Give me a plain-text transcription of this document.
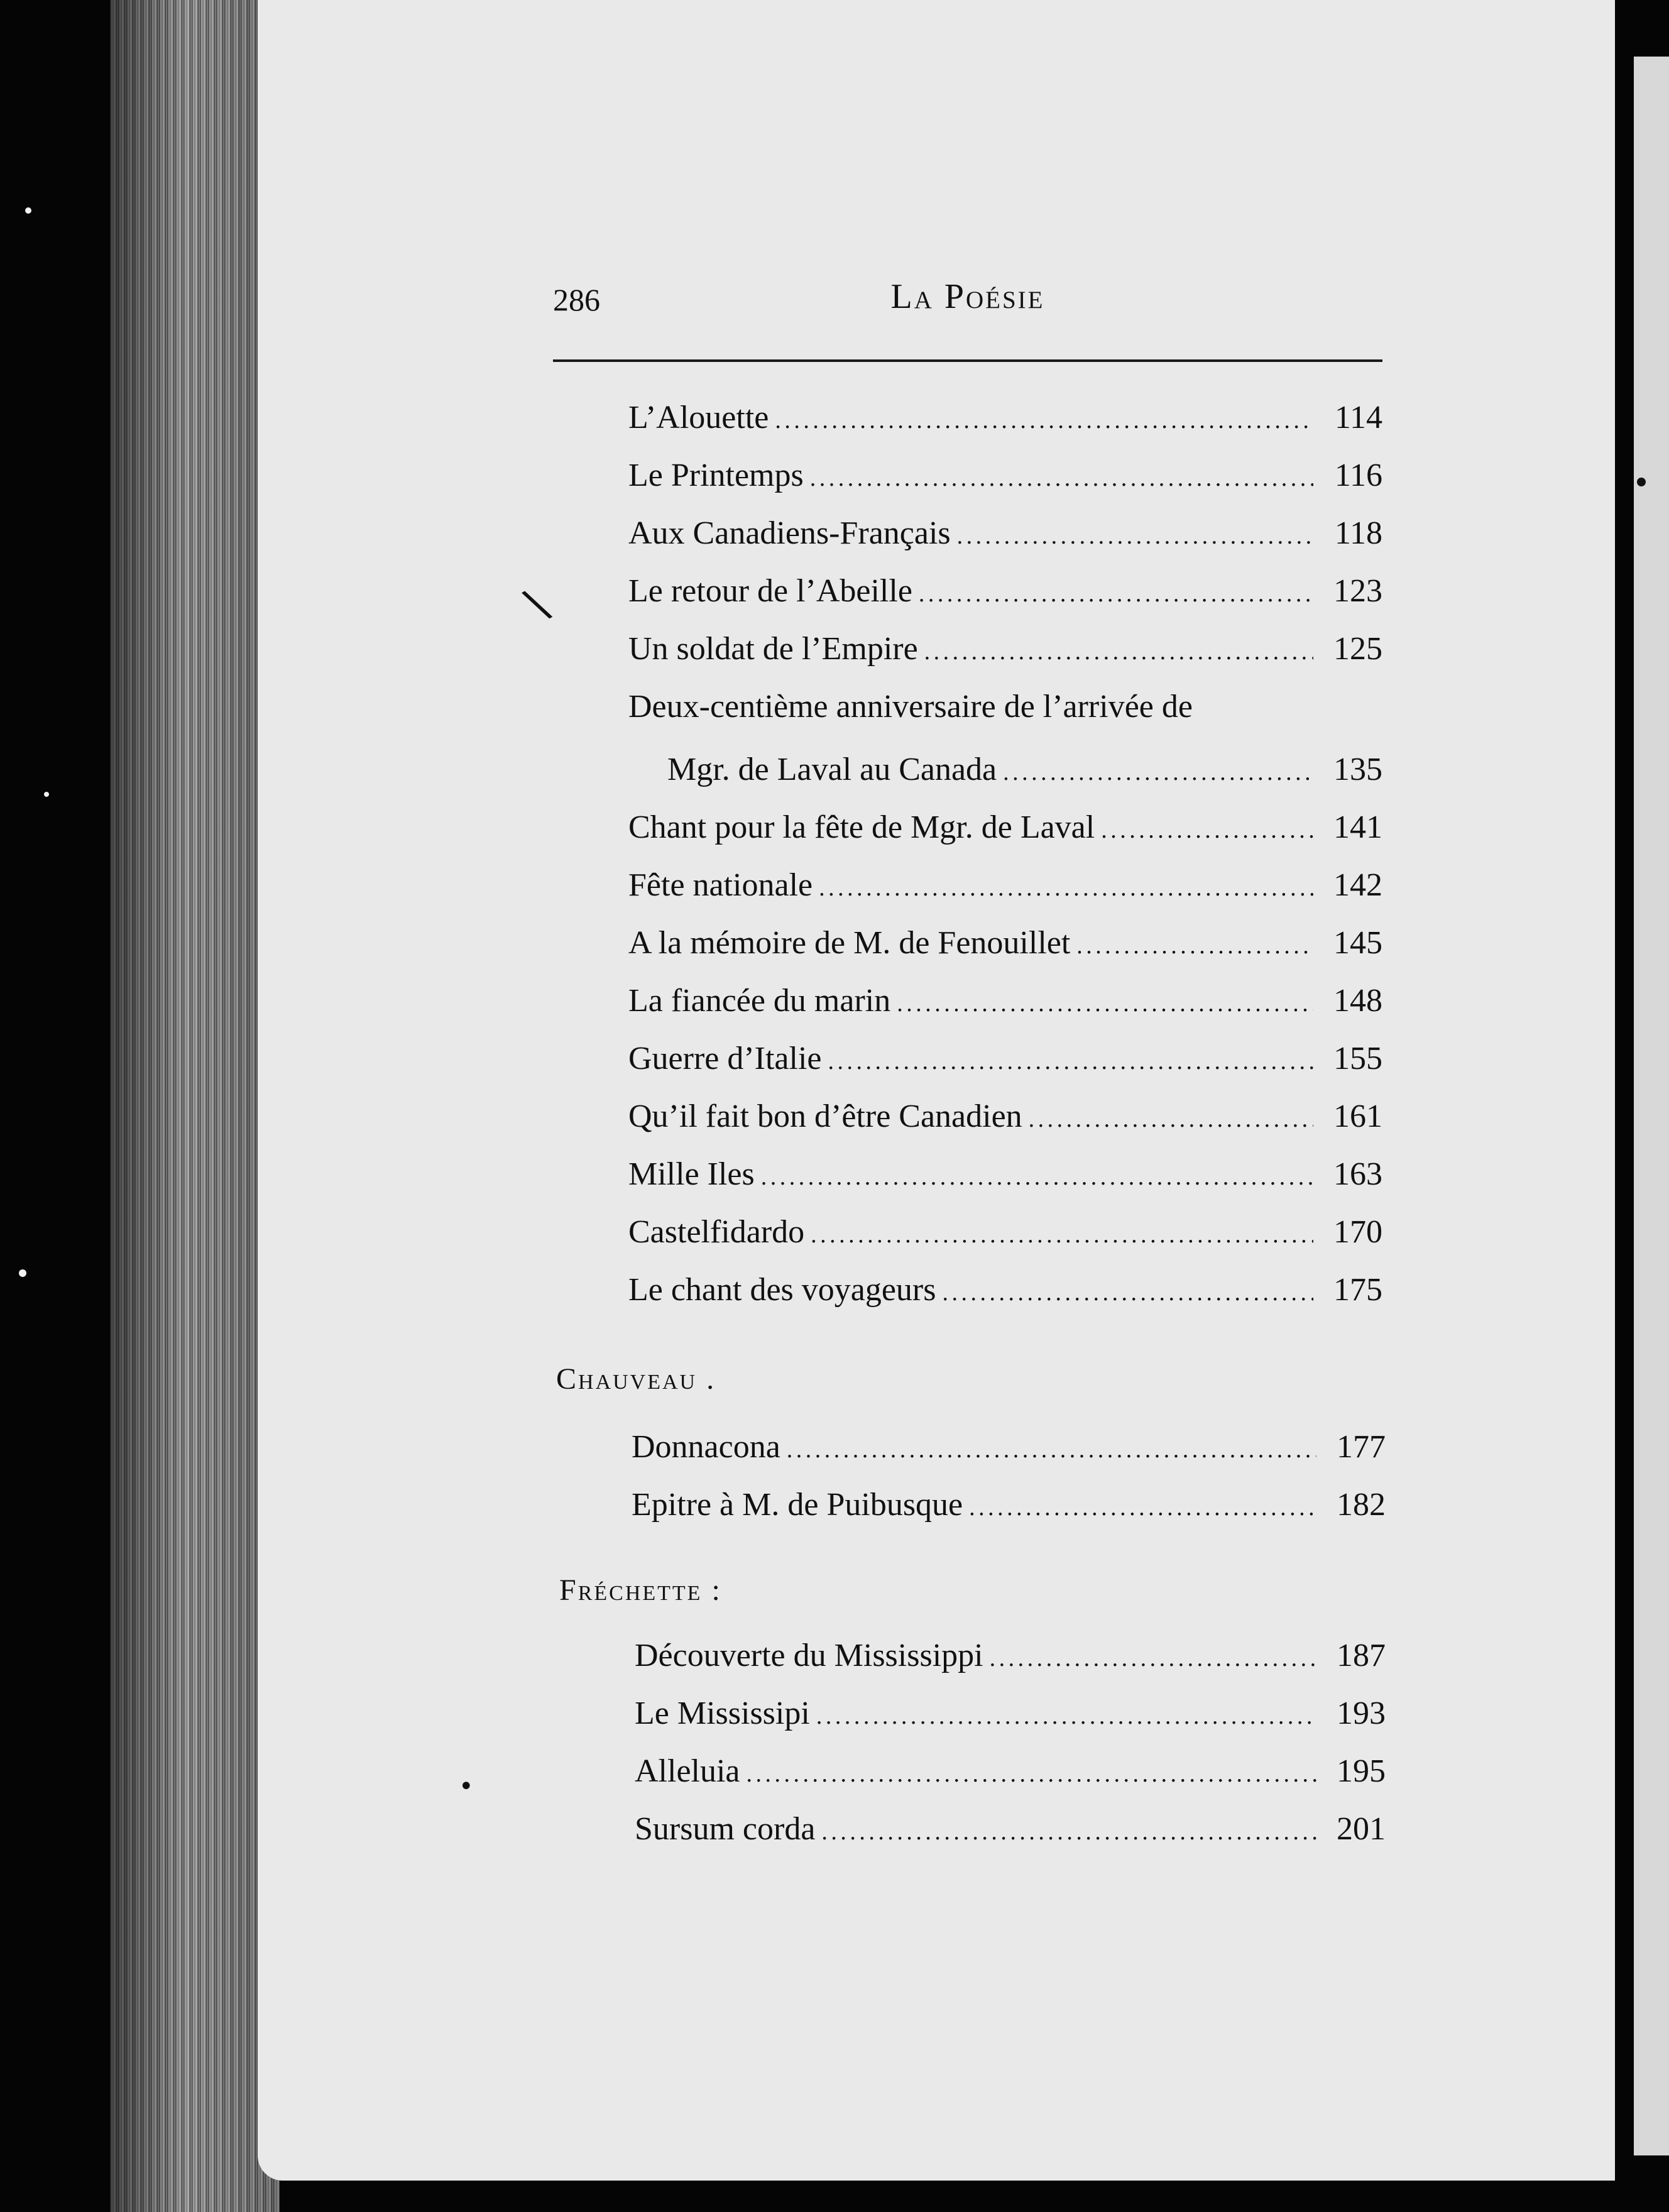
286	La Poésie
L’Alouette . . .	114
Le Printemps . . .	116
Aux Canadiens-Français . . .	118
Le retour de l’Abeille . . .	123
Un soldat de l’Empire . . .	125
Deux-centième anniversaire de l’arrivée de
Mgr. de Laval au Canada . . .	135
Chant pour la fête de Mgr. de Laval . . .	141
Fête nationale . . .	142
A la mémoire de M. de Fenouillet . . .	145
La fiancée du marin . . .	148
Guerre d’Italie . . .	155
Qu’il fait bon d’être Canadien . . .	161
Mille Iles . . .	163
Castelfidardo . . .	170
Le chant des voyageurs . . .	175
Chauveau .
Donnacona . . .	177
Epitre à M. de Puibusque . . .	182
Fréchette :
Découverte du Mississippi . . .	187
Le Mississipi . . .	193
Alleluia . . .	195
Sursum corda . . .	201
\
•
